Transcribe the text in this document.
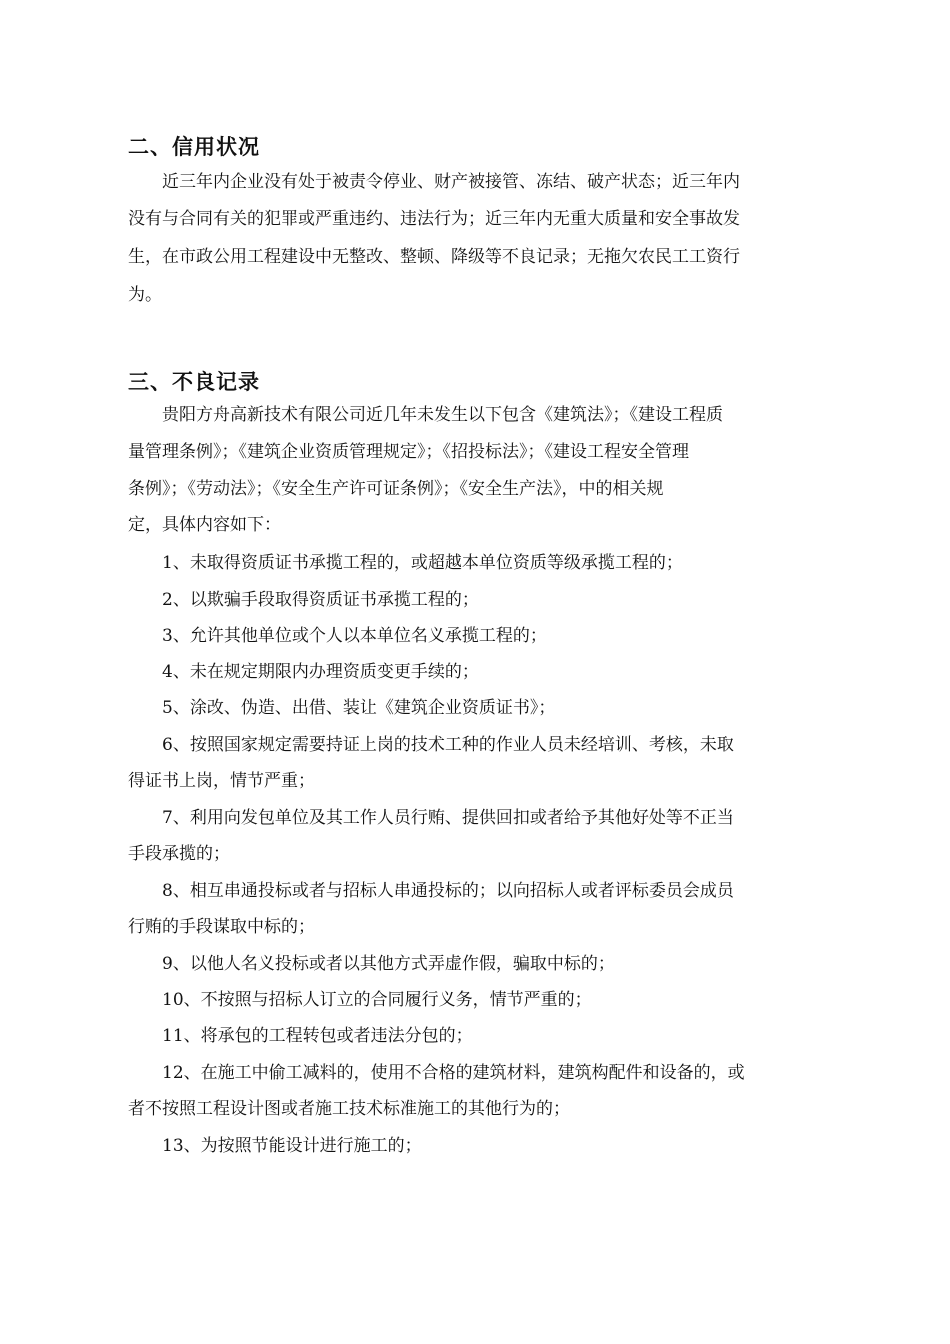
二、信用状况
近三年内企业没有处于被责令停业、财产被接管、冻结、破产状态；近三年内
没有与合同有关的犯罪或严重违约、违法行为；近三年内无重大质量和安全事故发
生，在市政公用工程建设中无整改、整顿、降级等不良记录；无拖欠农民工工资行
为。
三、不良记录
贵阳方舟高新技术有限公司近几年未发生以下包含《建筑法》；《建设工程质
量管理条例》；《建筑企业资质管理规定》；《招投标法》；《建设工程安全管理
条例》；《劳动法》；《安全生产许可证条例》；《安全生产法》，中的相关规
定，具体内容如下：
1、未取得资质证书承揽工程的，或超越本单位资质等级承揽工程的；
2、以欺骗手段取得资质证书承揽工程的；
3、允许其他单位或个人以本单位名义承揽工程的；
4、未在规定期限内办理资质变更手续的；
5、涂改、伪造、出借、装让《建筑企业资质证书》；
6、按照国家规定需要持证上岗的技术工种的作业人员未经培训、考核，未取
得证书上岗，情节严重；
7、利用向发包单位及其工作人员行贿、提供回扣或者给予其他好处等不正当
手段承揽的；
8、相互串通投标或者与招标人串通投标的；以向招标人或者评标委员会成员
行贿的手段谋取中标的；
9、以他人名义投标或者以其他方式弄虚作假，骗取中标的；
10、不按照与招标人订立的合同履行义务，情节严重的；
11、将承包的工程转包或者违法分包的；
12、在施工中偷工减料的，使用不合格的建筑材料，建筑构配件和设备的，或
者不按照工程设计图或者施工技术标准施工的其他行为的；
13、为按照节能设计进行施工的；
